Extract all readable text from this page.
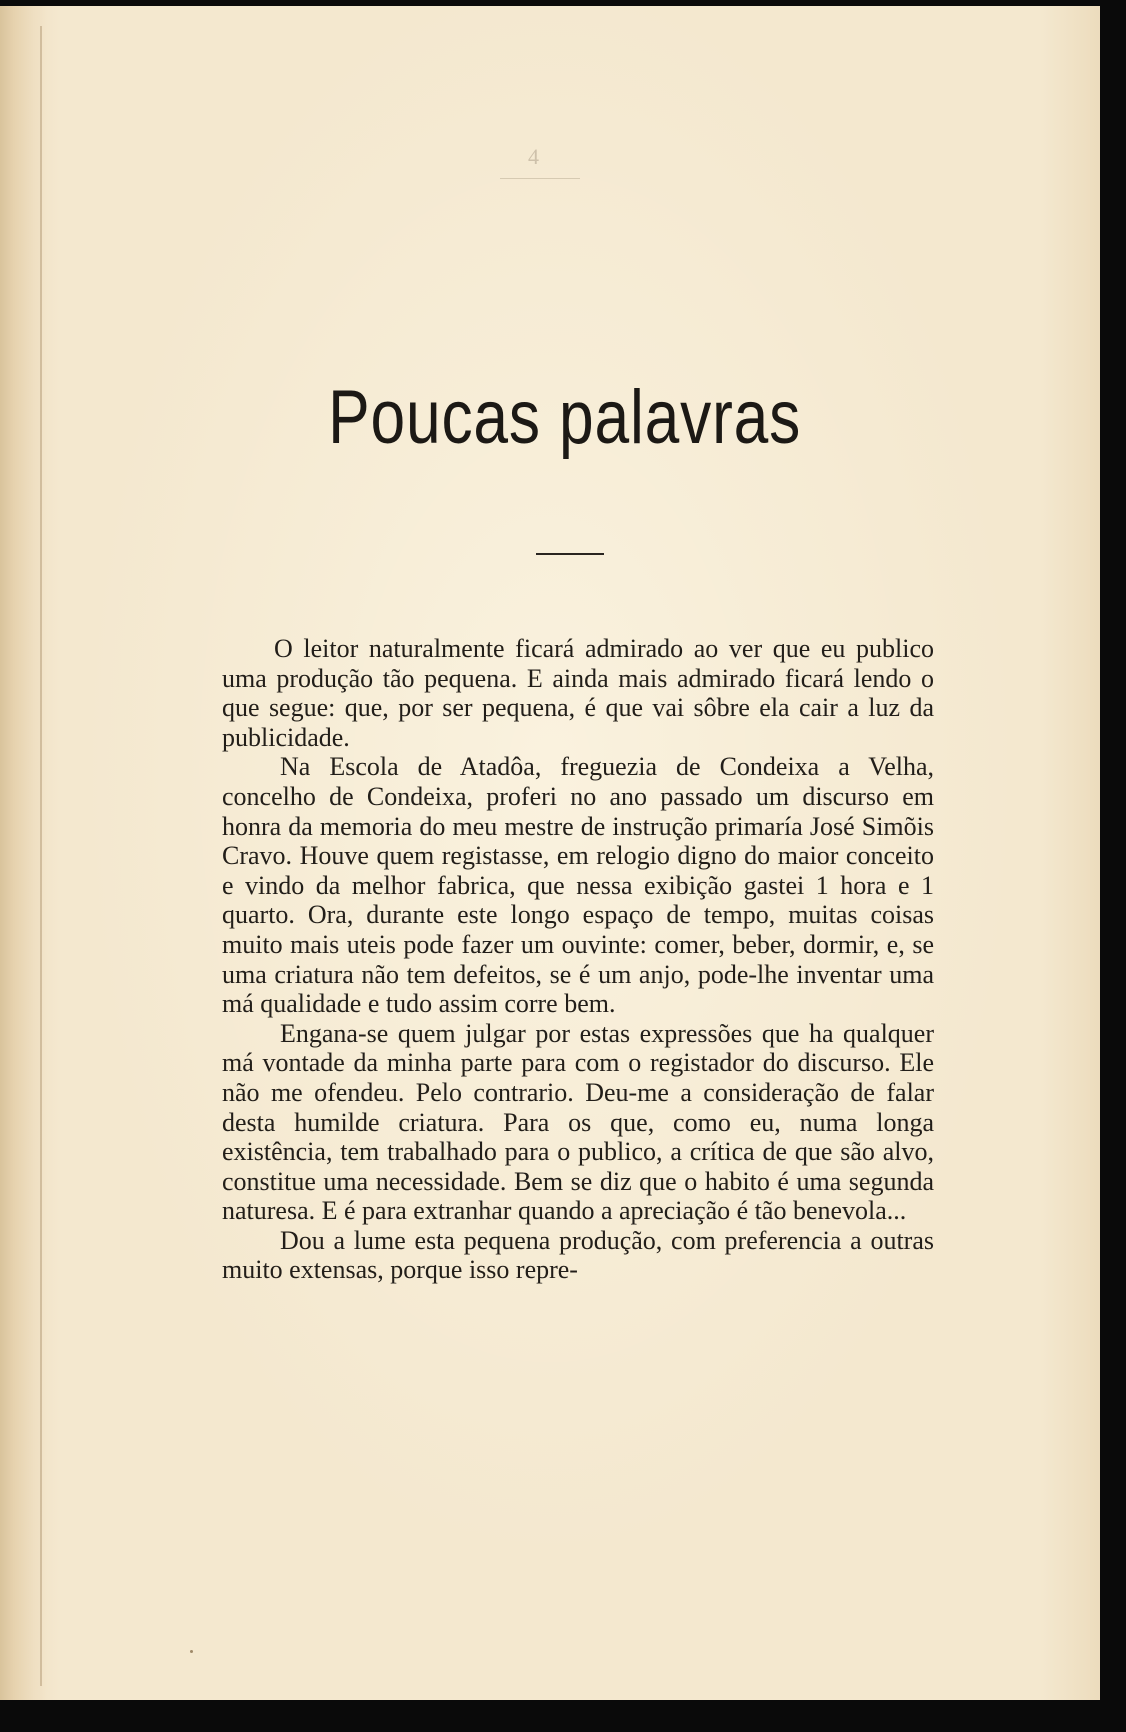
4
Poucas palavras

O leitor naturalmente ficará admirado ao ver que eu publico uma produção tão pequena. E ainda mais admirado ficará lendo o que segue: que, por ser pequena, é que vai sôbre ela cair a luz da publicidade.

Na Escola de Atadôa, freguezia de Condeixa a Velha, concelho de Condeixa, proferi no ano passado um discurso em honra da memoria do meu mestre de instrução primaría José Simõis Cravo. Houve quem registasse, em relogio digno do maior conceito e vindo da melhor fabrica, que nessa exibição gastei 1 hora e 1 quarto. Ora, durante este longo espaço de tempo, muitas coisas muito mais uteis pode fazer um ouvinte: comer, beber, dormir, e, se uma criatura não tem defeitos, se é um anjo, pode-lhe inventar uma má qualidade e tudo assim corre bem.

Engana-se quem julgar por estas expressões que ha qualquer má vontade da minha parte para com o registador do discurso. Ele não me ofendeu. Pelo contrario. Deu-me a consideração de falar desta humilde criatura. Para os que, como eu, numa longa existência, tem trabalhado para o publico, a crítica de que são alvo, constitue uma necessidade. Bem se diz que o habito é uma segunda naturesa. E é para extranhar quando a apreciação é tão benevola...

Dou a lume esta pequena produção, com preferencia a outras muito extensas, porque isso repre-
